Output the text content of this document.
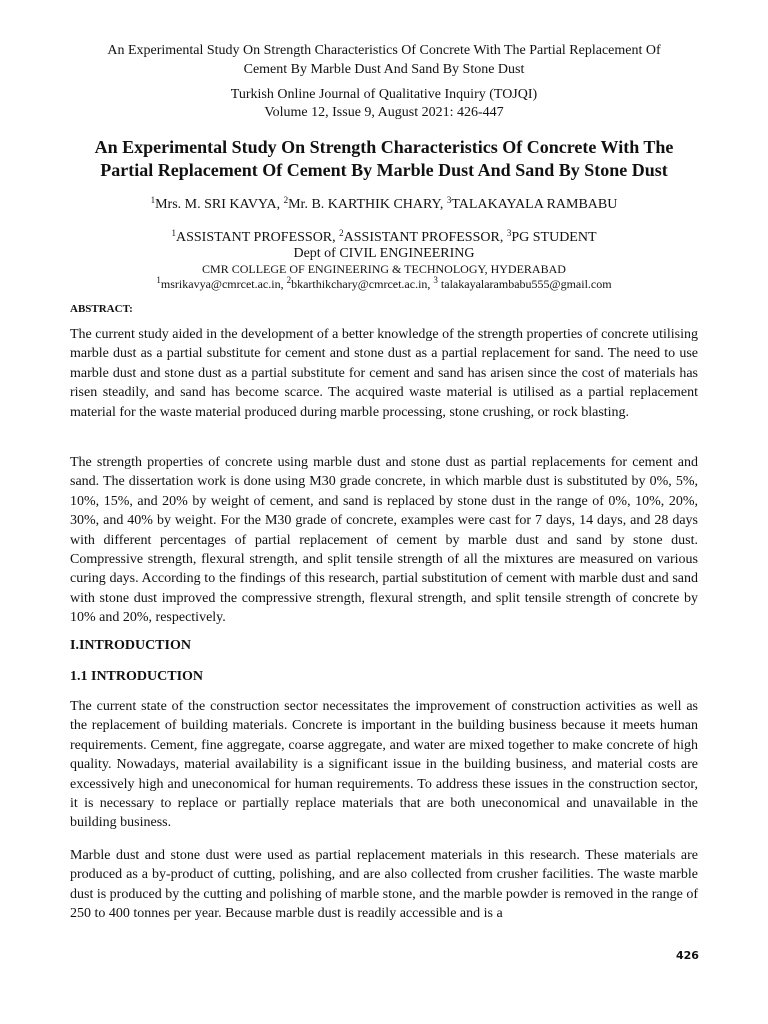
An Experimental Study On Strength Characteristics Of Concrete With The Partial Replacement Of
Cement By Marble Dust And Sand By Stone Dust
Turkish Online Journal of Qualitative Inquiry (TOJQI)
Volume 12, Issue 9, August 2021: 426-447
An Experimental Study On Strength Characteristics Of Concrete With The
Partial Replacement Of Cement By Marble Dust And Sand By Stone Dust
$^1$Mrs. M. SRI KAVYA, $^2$Mr. B. KARTHIK CHARY, $^3$TALAKAYALA RAMBABU
$^1$ASSISTANT PROFESSOR, $^2$ASSISTANT PROFESSOR, $^3$PG STUDENT
Dept of CIVIL ENGINEERING
CMR COLLEGE OF ENGINEERING & TECHNOLOGY, HYDERABAD
$^1$msrikavya@cmrcet.ac.in, $^2$bkarthikchary@cmrcet.ac.in, $^3$ talakayalarambabu555@gmail.com
ABSTRACT:

The current study aided in the development of a better knowledge of the strength properties of concrete utilising marble dust as a partial substitute for cement and stone dust as a partial replacement for sand. The need to use marble dust and stone dust as a partial substitute for cement and sand has arisen since the cost of materials has risen steadily, and sand has become scarce. The acquired waste material is utilised as a partial replacement material for the waste material produced during marble processing, stone crushing, or rock blasting.

The strength properties of concrete using marble dust and stone dust as partial replacements for cement and sand. The dissertation work is done using M30 grade concrete, in which marble dust is substituted by 0%, 5%, 10%, 15%, and 20% by weight of cement, and sand is replaced by stone dust in the range of 0%, 10%, 20%, 30%, and 40% by weight. For the M30 grade of concrete, examples were cast for 7 days, 14 days, and 28 days with different percentages of partial replacement of cement by marble dust and sand by stone dust. Compressive strength, flexural strength, and split tensile strength of all the mixtures are measured on various curing days. According to the findings of this research, partial substitution of cement with marble dust and sand with stone dust improved the compressive strength, flexural strength, and split tensile strength of concrete by 10% and 20%, respectively.

I.INTRODUCTION
1.1 INTRODUCTION

The current state of the construction sector necessitates the improvement of construction activities as well as the replacement of building materials. Concrete is important in the building business because it meets human requirements. Cement, fine aggregate, coarse aggregate, and water are mixed together to make concrete of high quality. Nowadays, material availability is a significant issue in the building business, and material costs are excessively high and uneconomical for human requirements. To address these issues in the construction sector, it is necessary to replace or partially replace materials that are both uneconomical and unavailable in the building business.

Marble dust and stone dust were used as partial replacement materials in this research. These materials are produced as a by-product of cutting, polishing, and are also collected from crusher facilities. The waste marble dust is produced by the cutting and polishing of marble stone, and the marble powder is removed in the range of 250 to 400 tonnes per year. Because marble dust is readily accessible and is a

426
